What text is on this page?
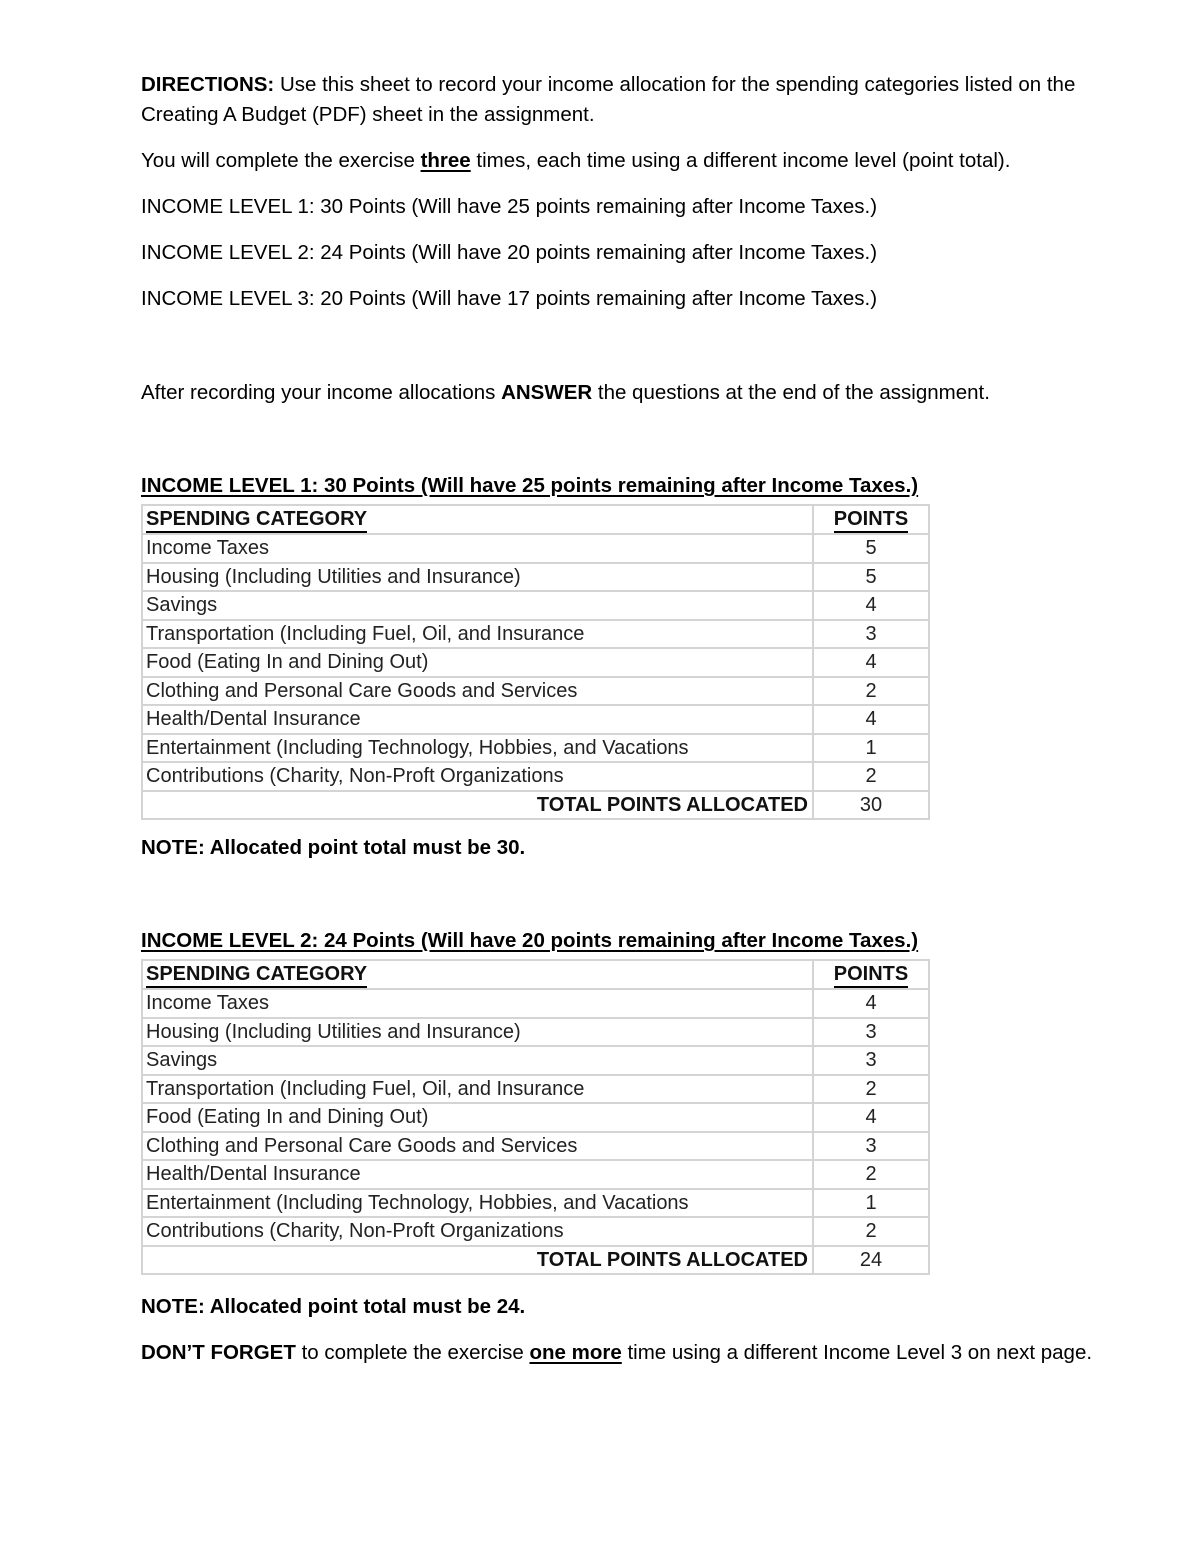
DIRECTIONS: Use this sheet to record your income allocation for the spending categories listed on the Creating A Budget (PDF) sheet in the assignment.

You will complete the exercise three times, each time using a different income level (point total).

INCOME LEVEL 1: 30 Points (Will have 25 points remaining after Income Taxes.)

INCOME LEVEL 2: 24 Points (Will have 20 points remaining after Income Taxes.)

INCOME LEVEL 3: 20 Points (Will have 17 points remaining after Income Taxes.)

After recording your income allocations ANSWER the questions at the end of the assignment.

INCOME LEVEL 1: 30 Points (Will have 25 points remaining after Income Taxes.)

SPENDING CATEGORY	POINTS
Income Taxes	5
Housing (Including Utilities and Insurance)	5
Savings	4
Transportation (Including Fuel, Oil, and Insurance	3
Food (Eating In and Dining Out)	4
Clothing and Personal Care Goods and Services	2
Health/Dental Insurance	4
Entertainment (Including Technology, Hobbies, and Vacations	1
Contributions (Charity, Non-Proft Organizations	2
TOTAL POINTS ALLOCATED	30

NOTE: Allocated point total must be 30.

INCOME LEVEL 2: 24 Points (Will have 20 points remaining after Income Taxes.)

SPENDING CATEGORY	POINTS
Income Taxes	4
Housing (Including Utilities and Insurance)	3
Savings	3
Transportation (Including Fuel, Oil, and Insurance	2
Food (Eating In and Dining Out)	4
Clothing and Personal Care Goods and Services	3
Health/Dental Insurance	2
Entertainment (Including Technology, Hobbies, and Vacations	1
Contributions (Charity, Non-Proft Organizations	2
TOTAL POINTS ALLOCATED	24

NOTE: Allocated point total must be 24.

DON’T FORGET to complete the exercise one more time using a different Income Level 3 on next page.
